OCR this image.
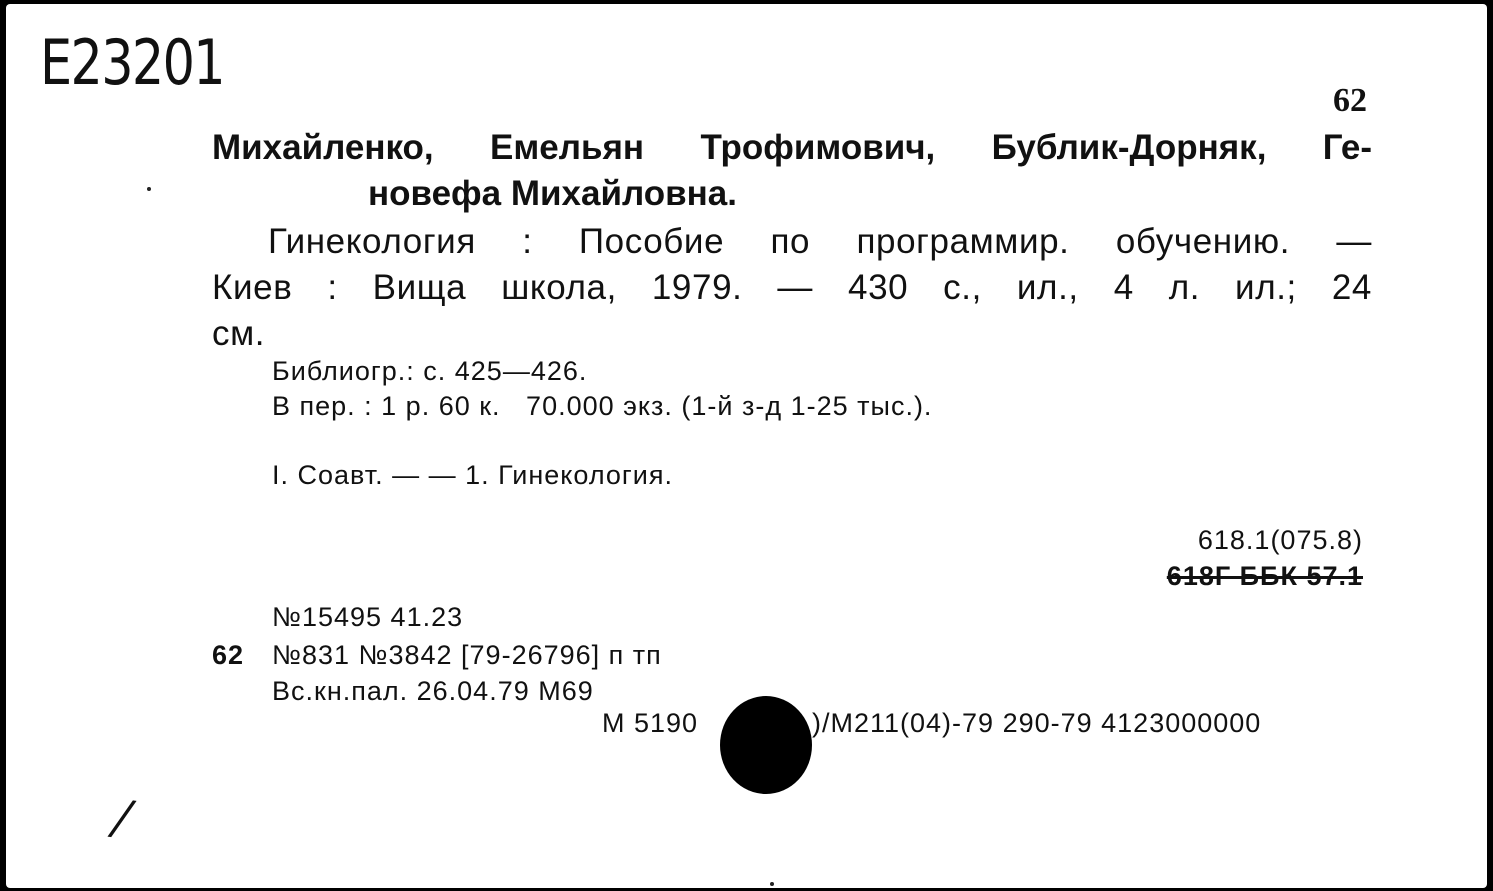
E23201
62
Михайленко, Емельян Трофимович, Бублик-Дорняк, Ге-
новефа Михайловна.
Гинекология : Пособие по программир. обучению. —
Киев : Вища школа, 1979. — 430 с., ил., 4 л. ил.; 24
см.
Библиогр.: с. 425—426.
В пер. : 1 р. 60 к.   70.000 экз. (1-й з-д 1-25 тыс.).
I. Соавт. — — 1. Гинекология.
618.1(075.8)
618Г ББК 57.1
№15495 41.23
62 №831 №3842 [79-26796] п тп
Вс.кн.пал. 26.04.79 М69
М 5190	)/М211(04)-79 290-79 4123000000
/
